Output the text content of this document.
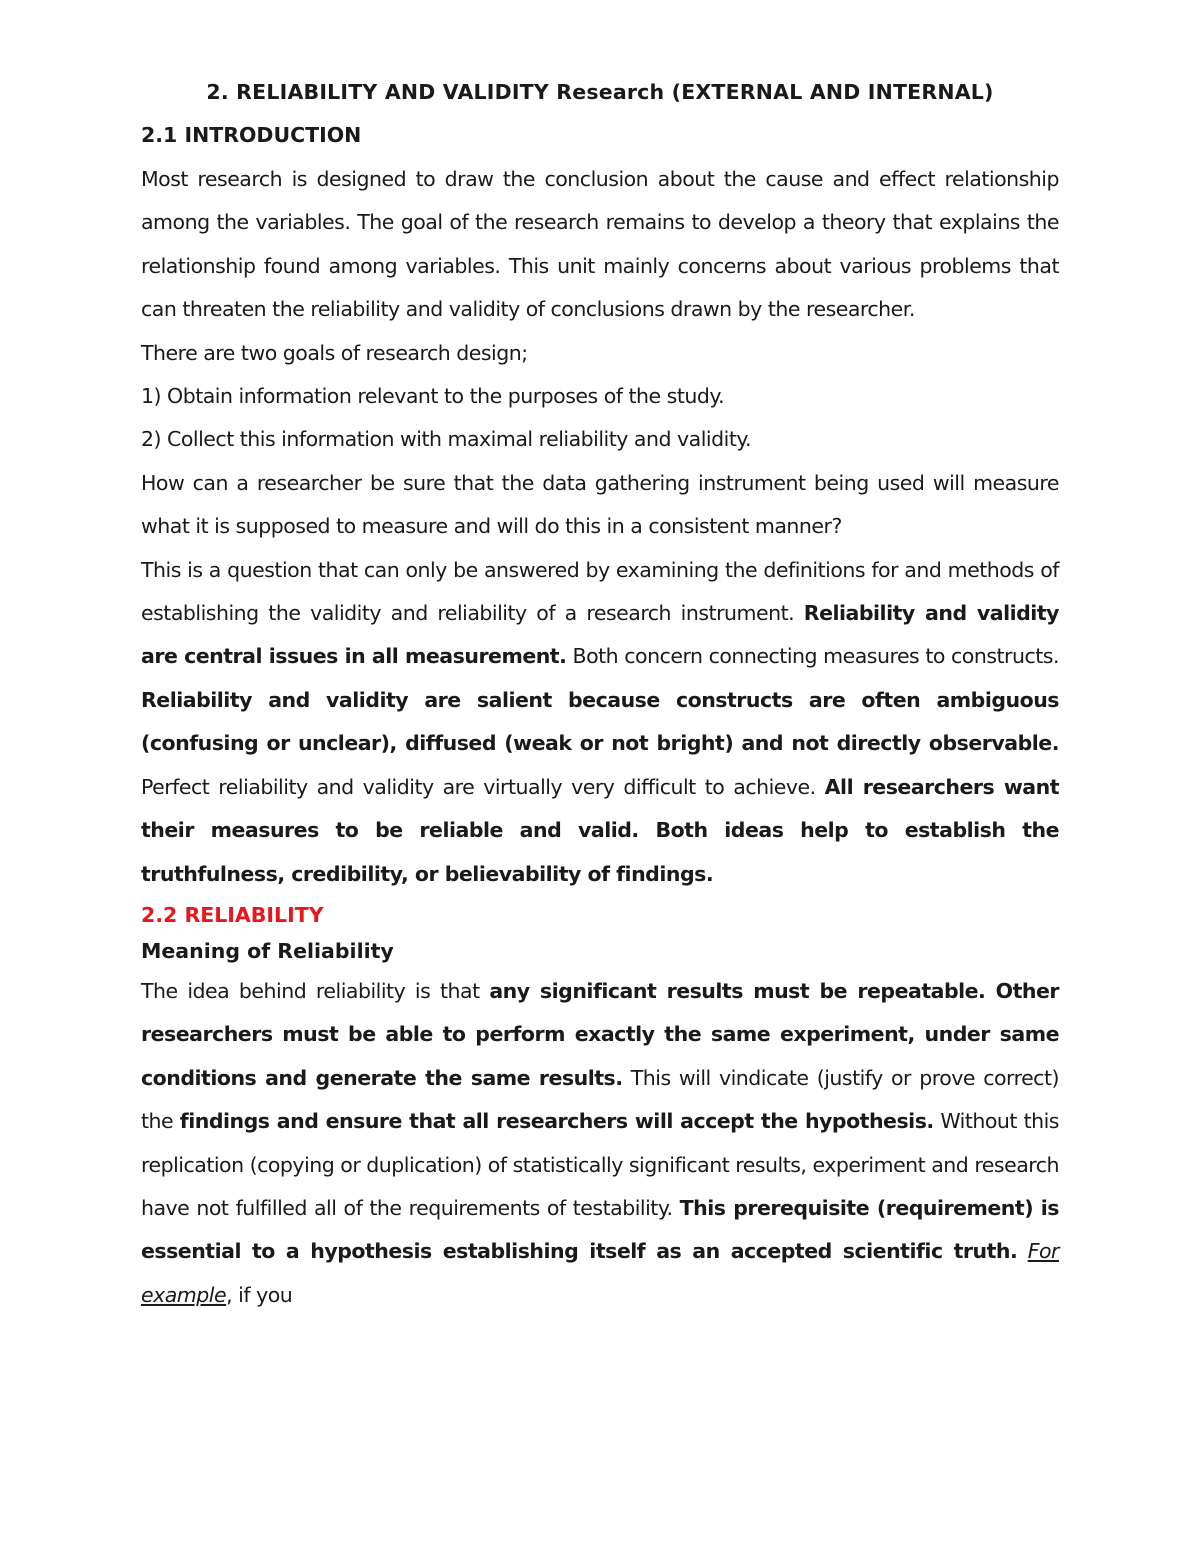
2. RELIABILITY AND VALIDITY Research (EXTERNAL AND INTERNAL)
2.1 INTRODUCTION

Most research is designed to draw the conclusion about the cause and effect relationship among the variables. The goal of the research remains to develop a theory that explains the relationship found among variables. This unit mainly concerns about various problems that can threaten the reliability and validity of conclusions drawn by the researcher.

There are two goals of research design;

1) Obtain information relevant to the purposes of the study.

2) Collect this information with maximal reliability and validity.

How can a researcher be sure that the data gathering instrument being used will measure what it is supposed to measure and will do this in a consistent manner?

This is a question that can only be answered by examining the definitions for and methods of establishing the validity and reliability of a research instrument. Reliability and validity are central issues in all measurement. Both concern connecting measures to constructs. Reliability and validity are salient because constructs are often ambiguous (confusing or unclear), diffused (weak or not bright) and not directly observable. Perfect reliability and validity are virtually very difficult to achieve. All researchers want their measures to be reliable and valid. Both ideas help to establish the truthfulness, credibility, or believability of findings.

2.2 RELIABILITY
Meaning of Reliability

The idea behind reliability is that any significant results must be repeatable. Other researchers must be able to perform exactly the same experiment, under same conditions and generate the same results. This will vindicate (justify or prove correct) the findings and ensure that all researchers will accept the hypothesis. Without this replication (copying or duplication) of statistically significant results, experiment and research have not fulfilled all of the requirements of testability. This prerequisite (requirement) is essential to a hypothesis establishing itself as an accepted scientific truth. For example, if you
